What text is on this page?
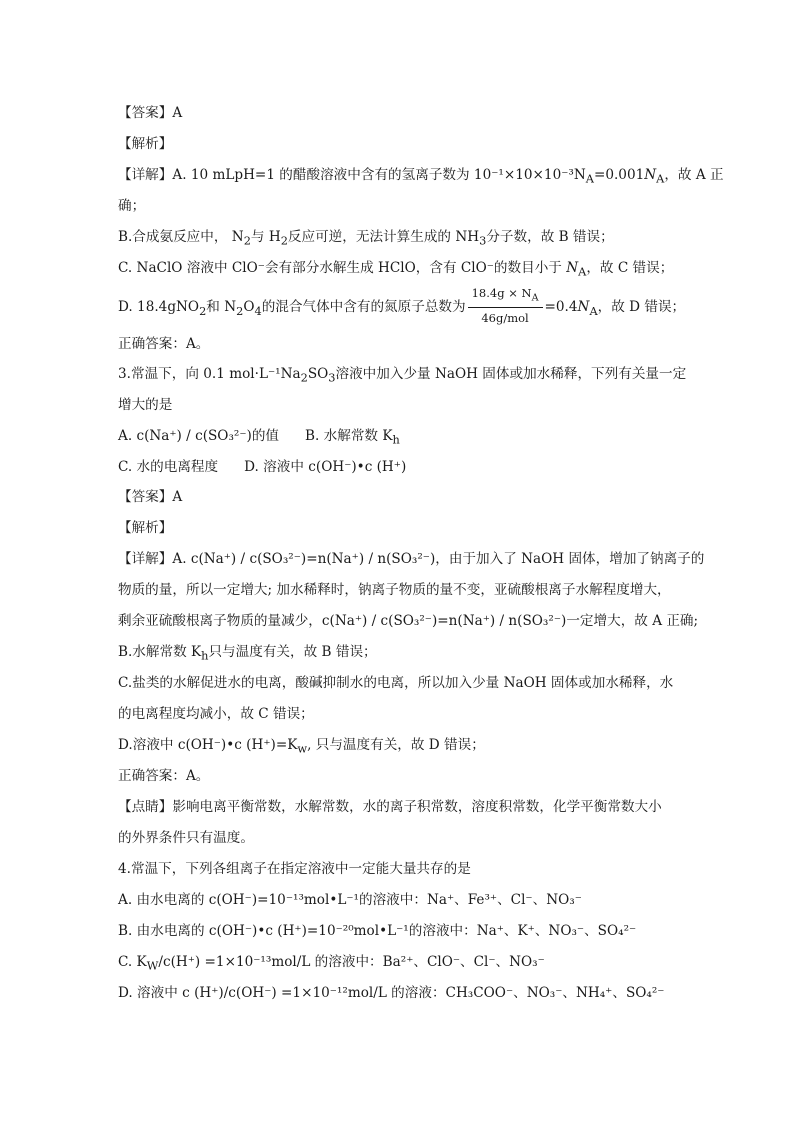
【答案】A
【解析】
【详解】A. 10 mLpH=1 的醋酸溶液中含有的氢离子数为 $10^{-1}\times 10\times 10^{-3}N_A=0.001N_A$，故 A 正
确；
B.合成氨反应中， $N_2$与 $H_2$反应可逆，无法计算生成的 $NH_3$分子数，故 B 错误；
C. NaClO 溶液中 ClO⁻会有部分水解生成 HClO，含有 ClO⁻的数目小于 $N_A$，故 C 错误；
D. 18.4gNO$_2$和 $N_2O_4$的混合气体中含有的氮原子总数为 $\frac{18.4g \times N_A}{\text{46g/mol}} =0.4N_A$，故 D 错误；
正确答案：A。
3.常温下，向 0.1 $mol\cdot L^{-1}Na_2SO_3$溶液中加入少量 NaOH 固体或加水稀释，下列有关量一定
增大的是
A. c(Na⁺) / c(SO₃²⁻)的值 B. 水解常数 $K_h$
C. 水的电离程度 D. 溶液中 c(OH⁻)•c (H⁺)
【答案】A
【解析】
【详解】A. c(Na⁺) / c(SO₃²⁻)=n(Na⁺) / n(SO₃²⁻)，由于加入了 NaOH 固体，增加了钠离子的
物质的量，所以一定增大; 加水稀释时，钠离子物质的量不变，亚硫酸根离子水解程度增大，
剩余亚硫酸根离子物质的量减少，c(Na⁺) / c(SO₃²⁻)=n(Na⁺) / n(SO₃²⁻)一定增大，故 A 正确;
B.水解常数 $K_h$只与温度有关，故 B 错误；
C.盐类的水解促进水的电离，酸碱抑制水的电离，所以加入少量 NaOH 固体或加水稀释，水
的电离程度均减小，故 C 错误；
D.溶液中 c(OH⁻)•c $(H^+)=K_w$, 只与温度有关，故 D 错误；
正确答案：A。
【点睛】影响电离平衡常数，水解常数，水的离子积常数，溶度积常数，化学平衡常数大小
的外界条件只有温度。
4.常温下，下列各组离子在指定溶液中一定能大量共存的是
A. 由水电离的 c(OH⁻)=10⁻¹³mol•L⁻¹的溶液中：Na⁺、Fe³⁺、Cl⁻、NO₃⁻
B. 由水电离的 c(OH⁻)•c (H⁺)=10⁻²⁰mol•L⁻¹的溶液中：Na⁺、K⁺、NO₃⁻、SO₄²⁻
C. $K_W/c(H^+) =1\times 10^{-13}mol/L$ 的溶液中：Ba²⁺、ClO⁻、Cl⁻、NO₃⁻
D. 溶液中 c (H⁺)/c(OH⁻) =1×10⁻¹²mol/L 的溶液：CH₃COO⁻、NO₃⁻、NH₄⁺、SO₄²⁻
